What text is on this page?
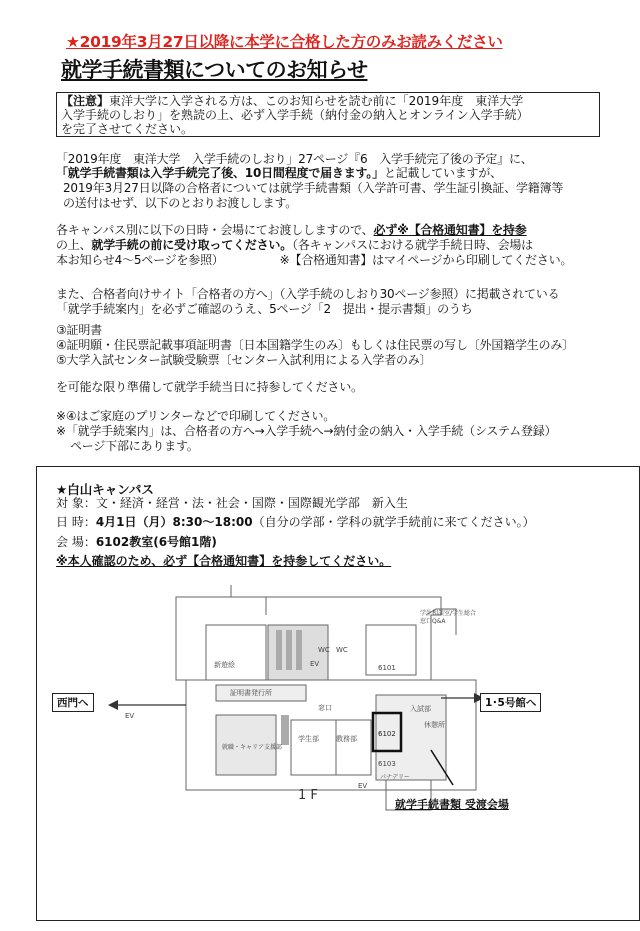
★2019年3月27日以降に本学に合格した方のみお読みください
就学手続書類についてのお知らせ
【注意】東洋大学に入学される方は、このお知らせを読む前に「2019年度　東洋大学
入学手続のしおり」を熟読の上、必ず入学手続（納付金の納入とオンライン入学手続）
を完了させてください。
「2019年度　東洋大学　入学手続のしおり」27ページ『6　入学手続完了後の予定』に、
「就学手続書類は入学手続完了後、10日間程度で届きます。」と記載していますが、
2019年3月27日以降の合格者については就学手続書類（入学許可書、学生証引換証、学籍簿等
の送付はせず、以下のとおりお渡しします。
各キャンパス別に以下の日時・会場にてお渡ししますので、必ず※【合格通知書】を持参
の上、就学手続の前に受け取ってください。（各キャンパスにおける就学手続日時、会場は
本お知らせ4～5ページを参照）	※【合格通知書】はマイページから印刷してください。
また、合格者向けサイト「合格者の方へ」（入学手続のしおり30ページ参照）に掲載されている
「就学手続案内」を必ずご確認のうえ、5ページ「2　提出・提示書類」のうち
③証明書
④証明願・住民票記載事項証明書〔日本国籍学生のみ〕もしくは住民票の写し〔外国籍学生のみ〕
⑤大学入試センター試験受験票〔センター入試利用による入学者のみ〕
を可能な限り準備して就学手続当日に持参してください。
※④はご家庭のプリンターなどで印刷してください。
※「就学手続案内」は、合格者の方へ→入学手続へ→納付金の納入・入学手続（システム登録）
ページ下部にあります。
★白山キャンパス
対 象：文・経済・経営・法・社会・国際・国際観光学部　新入生
日 時：4月1日（月）8:30～18:00（自分の学部・学科の就学手続前に来てください。）
会 場：6102教室(6号館1階)
※本人確認のため、必ず【合格通知書】を持参してください。
西門へ	1･5号館へ
EV
WC WC
EV	6101
6102
6103
新遊絵
証明書発行所
学生部
就職・キャリア支援部
教務部
窓口	入試部
パナデリー
休憩所
学生相談室/学生総合窓口Q&A
EV
1 F
就学手続書類 受渡会場
